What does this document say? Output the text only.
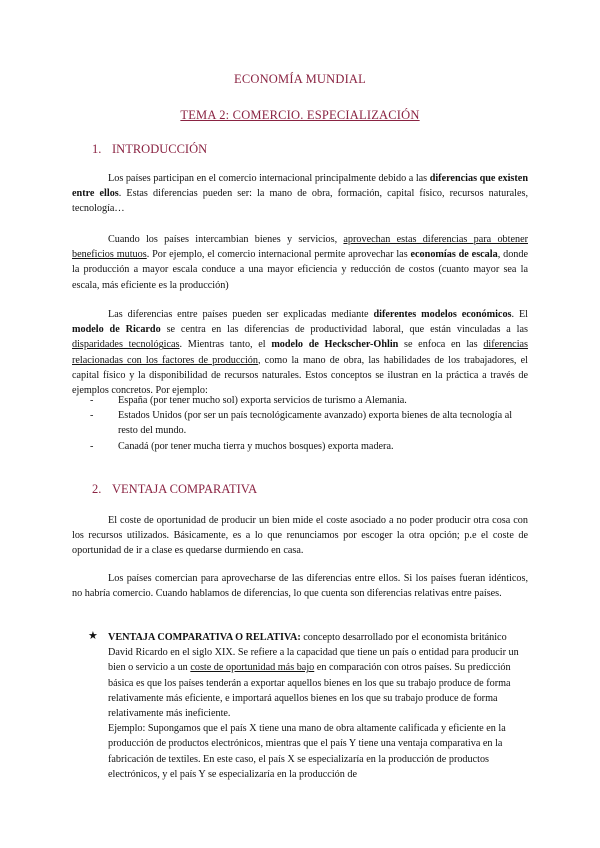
ECONOMÍA MUNDIAL
TEMA 2: COMERCIO. ESPECIALIZACIÓN
1. INTRODUCCIÓN

Los países participan en el comercio internacional principalmente debido a las diferencias que existen entre ellos. Estas diferencias pueden ser: la mano de obra, formación, capital físico, recursos naturales, tecnología…

Cuando los países intercambian bienes y servicios, aprovechan estas diferencias para obtener beneficios mutuos. Por ejemplo, el comercio internacional permite aprovechar las economías de escala, donde la producción a mayor escala conduce a una mayor eficiencia y reducción de costos (cuanto mayor sea la escala, más eficiente es la producción)

Las diferencias entre países pueden ser explicadas mediante diferentes modelos económicos. El modelo de Ricardo se centra en las diferencias de productividad laboral, que están vinculadas a las disparidades tecnológicas. Mientras tanto, el modelo de Heckscher-Ohlin se enfoca en las diferencias relacionadas con los factores de producción, como la mano de obra, las habilidades de los trabajadores, el capital físico y la disponibilidad de recursos naturales. Estos conceptos se ilustran en la práctica a través de ejemplos concretos. Por ejemplo:

- España (por tener mucho sol) exporta servicios de turismo a Alemania.
- Estados Unidos (por ser un país tecnológicamente avanzado) exporta bienes de alta tecnología al resto del mundo.
- Canadá (por tener mucha tierra y muchos bosques) exporta madera.
2. VENTAJA COMPARATIVA

El coste de oportunidad de producir un bien mide el coste asociado a no poder producir otra cosa con los recursos utilizados. Básicamente, es a lo que renunciamos por escoger la otra opción; p.e el coste de oportunidad de ir a clase es quedarse durmiendo en casa.

Los países comercian para aprovecharse de las diferencias entre ellos. Si los países fueran idénticos, no habría comercio. Cuando hablamos de diferencias, lo que cuenta son diferencias relativas entre países.

★ VENTAJA COMPARATIVA O RELATIVA: concepto desarrollado por el economista británico David Ricardo en el siglo XIX. Se refiere a la capacidad que tiene un país o entidad para producir un bien o servicio a un coste de oportunidad más bajo en comparación con otros países. Su predicción básica es que los países tenderán a exportar aquellos bienes en los que su trabajo produce de forma relativamente más eficiente, e importará aquellos bienes en los que su trabajo produce de forma relativamente más ineficiente.

Ejemplo: Supongamos que el país X tiene una mano de obra altamente calificada y eficiente en la producción de productos electrónicos, mientras que el país Y tiene una ventaja comparativa en la fabricación de textiles. En este caso, el país X se especializaría en la producción de productos electrónicos, y el país Y se especializaría en la producción de
